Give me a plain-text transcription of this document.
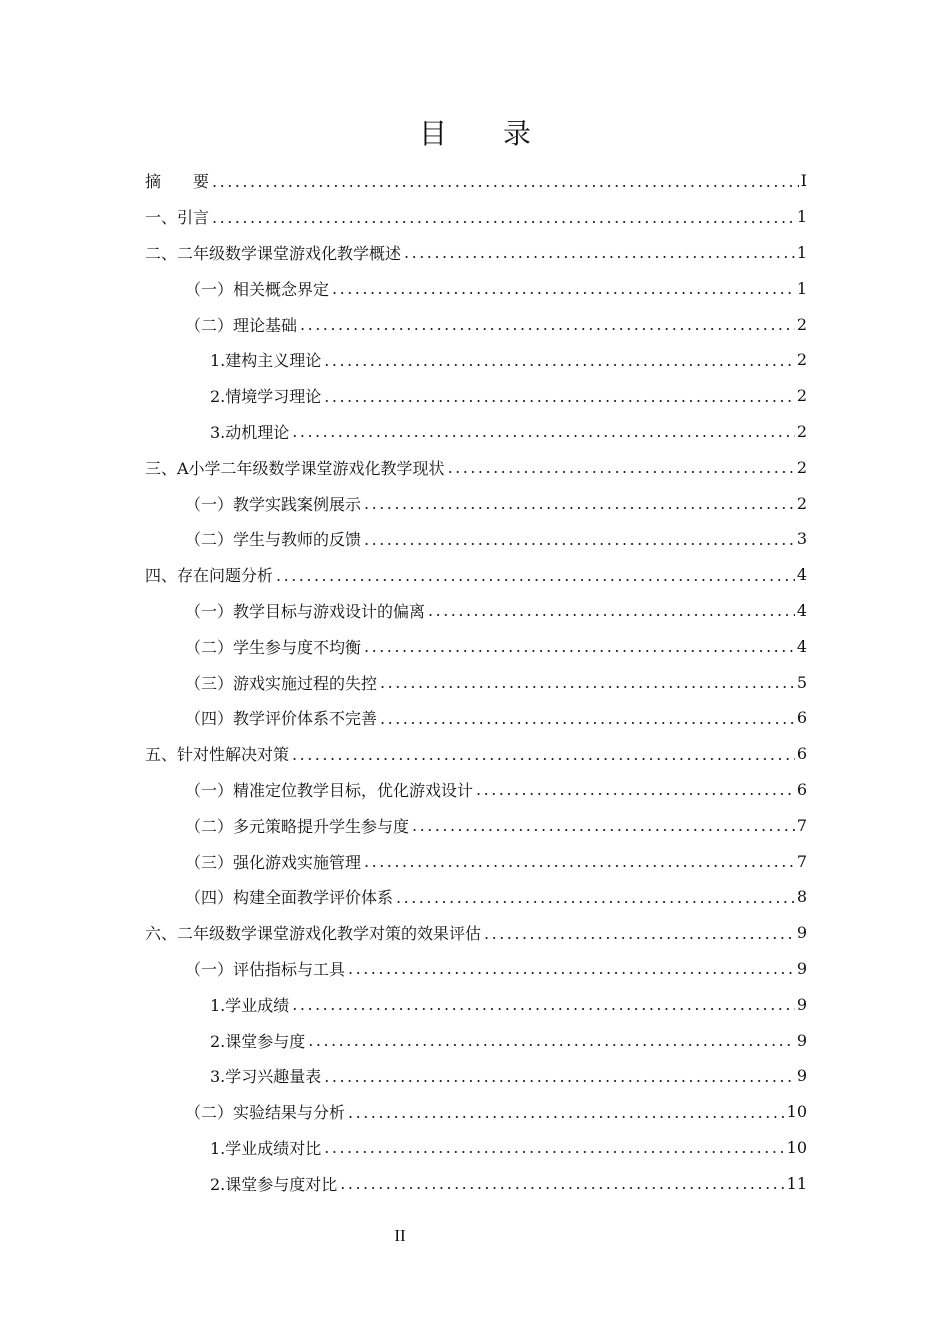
目　　录
摘　　要 .....	I
一、引言 .....	1
二、二年级数学课堂游戏化教学概述 .....	1
（一）相关概念界定 .....	1
（二）理论基础 .....	2
1.建构主义理论 .....	2
2.情境学习理论 .....	2
3.动机理论 .....	2
三、A小学二年级数学课堂游戏化教学现状 .....	2
（一）教学实践案例展示 .....	2
（二）学生与教师的反馈 .....	3
四、存在问题分析 .....	4
（一）教学目标与游戏设计的偏离 .....	4
（二）学生参与度不均衡 .....	4
（三）游戏实施过程的失控 .....	5
（四）教学评价体系不完善 .....	6
五、针对性解决对策 .....	6
（一）精准定位教学目标，优化游戏设计 .....	6
（二）多元策略提升学生参与度 .....	7
（三）强化游戏实施管理 .....	7
（四）构建全面教学评价体系 .....	8
六、二年级数学课堂游戏化教学对策的效果评估 .....	9
（一）评估指标与工具 .....	9
1.学业成绩 .....	9
2.课堂参与度 .....	9
3.学习兴趣量表 .....	9
（二）实验结果与分析 .....	10
1.学业成绩对比 .....	10
2.课堂参与度对比 .....	11
II
